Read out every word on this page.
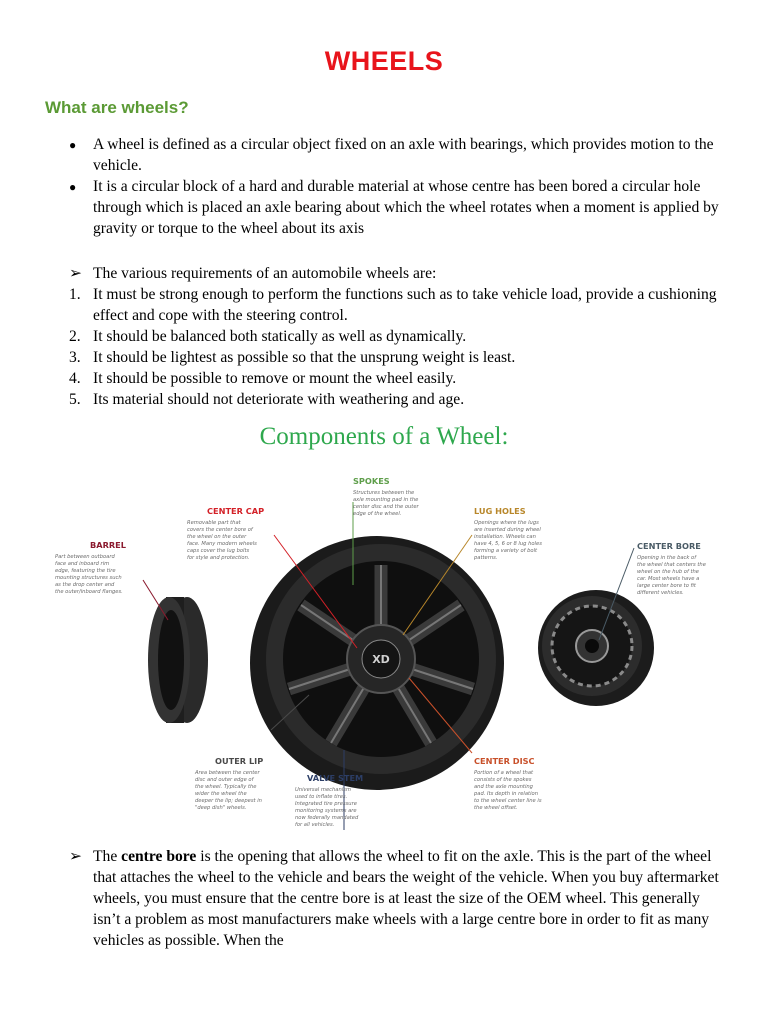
WHEELS
What are wheels?
●	A wheel is defined as a circular object fixed on an axle with bearings, which provides motion to the vehicle.
●	It is a circular block of a hard and durable material at whose centre has been bored a circular hole through which is placed an axle bearing about which the wheel rotates when a moment is applied by gravity or torque to the wheel about its axis
➢ The various requirements of an automobile wheels are:
1. It must be strong enough to perform the functions such as to take vehicle load, provide a cushioning effect and cope with the steering control.
2. It should be balanced both statically as well as dynamically.
3. It should be lightest as possible so that the unsprung weight is least.
4. It should be possible to remove or mount the wheel easily.
5. Its material should not deteriorate with weathering and age.
Components of a Wheel:
XD
BARREL
Part between outboard
face and inboard rim
edge, featuring the tire
mounting structures such
as the drop center and
the outer/inboard flanges.
CENTER CAP
Removable part that
covers the center bore of
the wheel on the outer
face. Many modern wheels
caps cover the lug bolts
for style and protection.
SPOKES
Structures between the
axle mounting pad in the
center disc and the outer
edge of the wheel.	LUG HOLES
Openings where the lugs
are inserted during wheel
installation. Wheels can
have 4, 5, 6 or 8 lug holes
forming a variety of bolt
patterns.
CENTER BORE
Opening in the back of
the wheel that centers the
wheel on the hub of the
car. Most wheels have a
large center bore to fit
different vehicles.
OUTER LIP
Area between the center
disc and outer edge of
the wheel. Typically the
wider the wheel the
deeper the lip; deepest in
"deep dish" wheels.
VALVE STEM
Universal mechanism
used to inflate tires.
Integrated tire pressure
monitoring systems are
now federally mandated
for all vehicles.
CENTER DISC
Portion of a wheel that
consists of the spokes
and the axle mounting
pad. Its depth in relation
to the wheel center line is
the wheel offset.
➢ The centre bore is the opening that allows the wheel to fit on the axle. This is the part of the wheel that attaches the wheel to the vehicle and bears the weight of the vehicle. When you buy aftermarket wheels, you must ensure that the centre bore is at least the size of the OEM wheel. This generally isn’t a problem as most manufacturers make wheels with a large centre bore in order to fit as many vehicles as possible. When the
